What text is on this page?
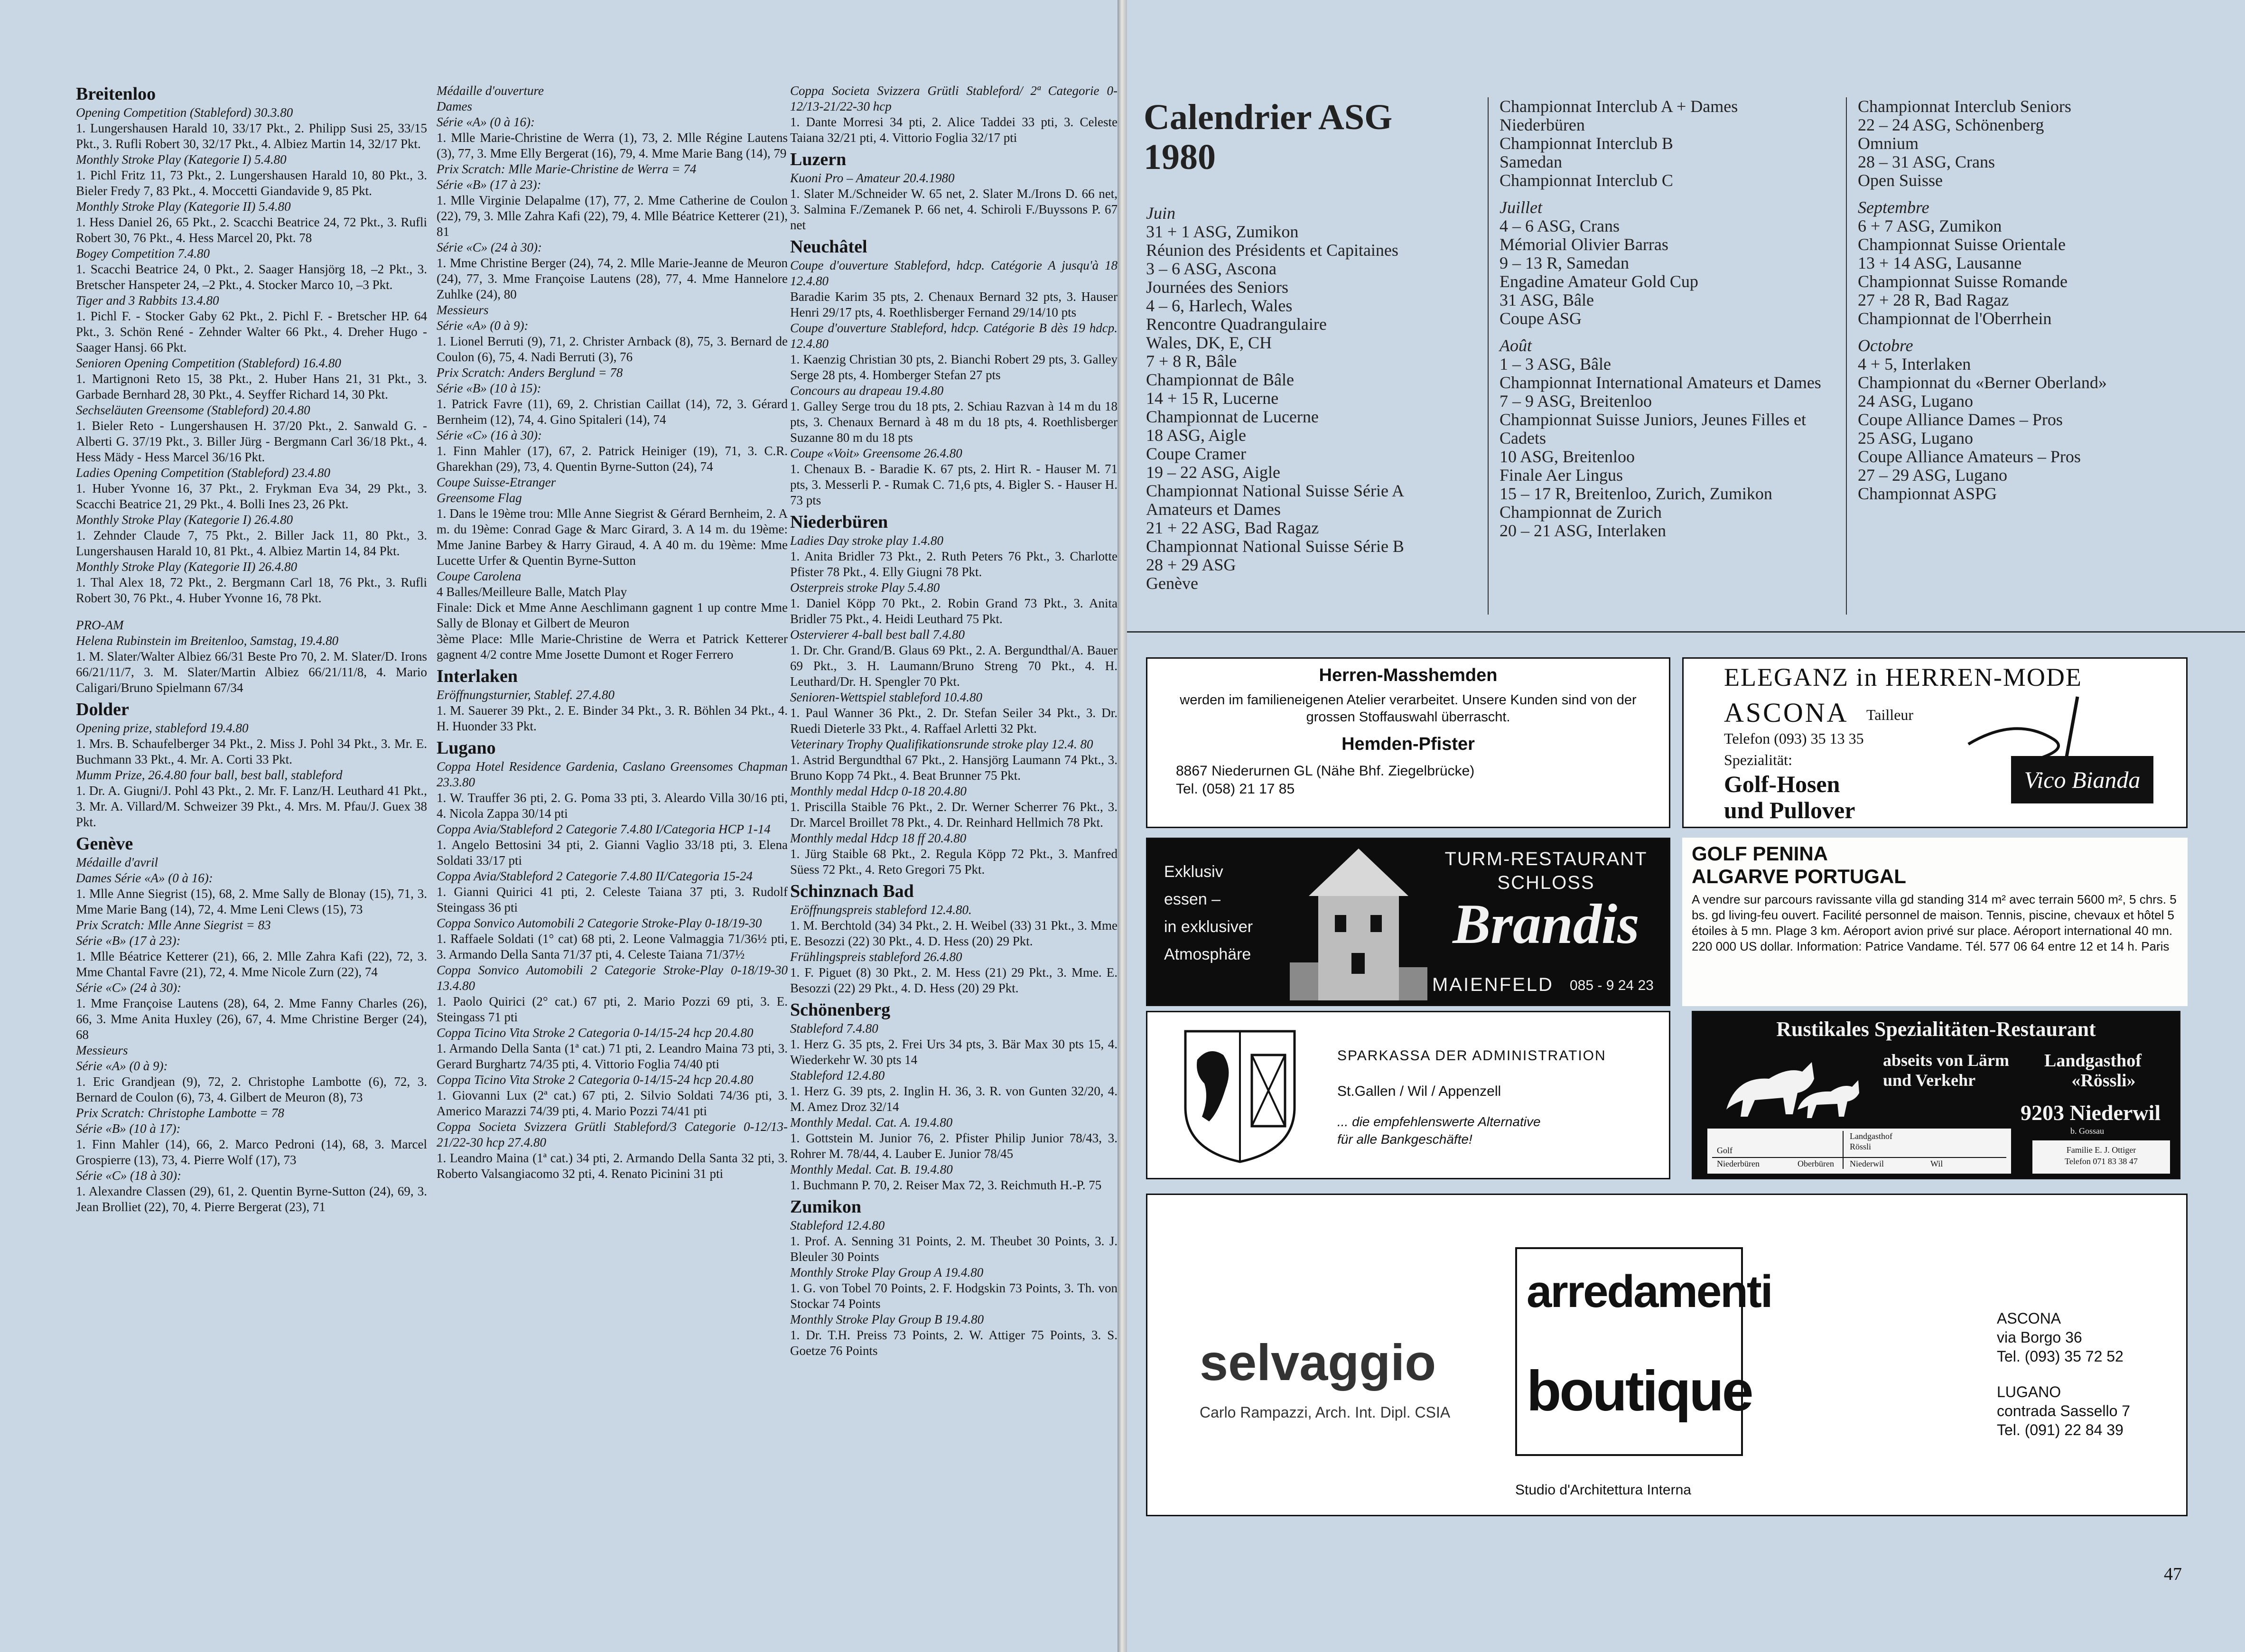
Breitenloo
Opening Competition (Stableford) 30.3.80
1. Lungershausen Harald 10, 33/17 Pkt., 2. Philipp Susi 25, 33/15 Pkt., 3. Rufli Robert 30, 32/17 Pkt., 4. Albiez Martin 14, 32/17 Pkt.
Monthly Stroke Play (Kategorie I) 5.4.80
1. Pichl Fritz 11, 73 Pkt., 2. Lungershausen Harald 10, 80 Pkt., 3. Bieler Fredy 7, 83 Pkt., 4. Moccetti Giandavide 9, 85 Pkt.
Monthly Stroke Play (Kategorie II) 5.4.80
1. Hess Daniel 26, 65 Pkt., 2. Scacchi Beatrice 24, 72 Pkt., 3. Rufli Robert 30, 76 Pkt., 4. Hess Marcel 20, Pkt. 78
Bogey Competition 7.4.80
1. Scacchi Beatrice 24, 0 Pkt., 2. Saager Hansjörg 18, –2 Pkt., 3. Bretscher Hanspeter 24, –2 Pkt., 4. Stocker Marco 10, –3 Pkt.
Tiger and 3 Rabbits 13.4.80
1. Pichl F. - Stocker Gaby 62 Pkt., 2. Pichl F. - Bretscher HP. 64 Pkt., 3. Schön René - Zehnder Walter 66 Pkt., 4. Dreher Hugo - Saager Hansj. 66 Pkt.
Senioren Opening Competition (Stableford) 16.4.80
1. Martignoni Reto 15, 38 Pkt., 2. Huber Hans 21, 31 Pkt., 3. Garbade Bernhard 28, 30 Pkt., 4. Seyffer Richard 14, 30 Pkt.
Sechseläuten Greensome (Stableford) 20.4.80
1. Bieler Reto - Lungershausen H. 37/20 Pkt., 2. Sanwald G. - Alberti G. 37/19 Pkt., 3. Biller Jürg - Bergmann Carl 36/18 Pkt., 4. Hess Mädy - Hess Marcel 36/16 Pkt.
Ladies Opening Competition (Stableford) 23.4.80
1. Huber Yvonne 16, 37 Pkt., 2. Frykman Eva 34, 29 Pkt., 3. Scacchi Beatrice 21, 29 Pkt., 4. Bolli Ines 23, 26 Pkt.
Monthly Stroke Play (Kategorie I) 26.4.80
1. Zehnder Claude 7, 75 Pkt., 2. Biller Jack 11, 80 Pkt., 3. Lungershausen Harald 10, 81 Pkt., 4. Albiez Martin 14, 84 Pkt.
Monthly Stroke Play (Kategorie II) 26.4.80
1. Thal Alex 18, 72 Pkt., 2. Bergmann Carl 18, 76 Pkt., 3. Rufli Robert 30, 76 Pkt., 4. Huber Yvonne 16, 78 Pkt.
PRO-AM
Helena Rubinstein im Breitenloo, Samstag, 19.4.80
1. M. Slater/Walter Albiez 66/31 Beste Pro 70, 2. M. Slater/D. Irons 66/21/11/7, 3. M. Slater/Martin Albiez 66/21/11/8, 4. Mario Caligari/Bruno Spielmann 67/34
Dolder
Opening prize, stableford 19.4.80
1. Mrs. B. Schaufelberger 34 Pkt., 2. Miss J. Pohl 34 Pkt., 3. Mr. E. Buchmann 33 Pkt., 4. Mr. A. Corti 33 Pkt.
Mumm Prize, 26.4.80 four ball, best ball, stableford
1. Dr. A. Giugni/J. Pohl 43 Pkt., 2. Mr. F. Lanz/H. Leuthard 41 Pkt., 3. Mr. A. Villard/M. Schweizer 39 Pkt., 4. Mrs. M. Pfau/J. Guex 38 Pkt.
Genève
Médaille d'avril
Dames Série «A» (0 à 16):
1. Mlle Anne Siegrist (15), 68, 2. Mme Sally de Blonay (15), 71, 3. Mme Marie Bang (14), 72, 4. Mme Leni Clews (15), 73
Prix Scratch: Mlle Anne Siegrist = 83
Série «B» (17 à 23):
1. Mlle Béatrice Ketterer (21), 66, 2. Mlle Zahra Kafi (22), 72, 3. Mme Chantal Favre (21), 72, 4. Mme Nicole Zurn (22), 74
Série «C» (24 à 30):
1. Mme Françoise Lautens (28), 64, 2. Mme Fanny Charles (26), 66, 3. Mme Anita Huxley (26), 67, 4. Mme Christine Berger (24), 68
Messieurs
Série «A» (0 à 9):
1. Eric Grandjean (9), 72, 2. Christophe Lambotte (6), 72, 3. Bernard de Coulon (6), 73, 4. Gilbert de Meuron (8), 73
Prix Scratch: Christophe Lambotte = 78
Série «B» (10 à 17):
1. Finn Mahler (14), 66, 2. Marco Pedroni (14), 68, 3. Marcel Grospierre (13), 73, 4. Pierre Wolf (17), 73
Série «C» (18 à 30):
1. Alexandre Classen (29), 61, 2. Quentin Byrne-Sutton (24), 69, 3. Jean Brolliet (22), 70, 4. Pierre Bergerat (23), 71
Médaille d'ouverture
Dames
Série «A» (0 à 16):
1. Mlle Marie-Christine de Werra (1), 73, 2. Mlle Régine Lautens (3), 77, 3. Mme Elly Bergerat (16), 79, 4. Mme Marie Bang (14), 79
Prix Scratch: Mlle Marie-Christine de Werra = 74
Série «B» (17 à 23):
1. Mlle Virginie Delapalme (17), 77, 2. Mme Catherine de Coulon (22), 79, 3. Mlle Zahra Kafi (22), 79, 4. Mlle Béatrice Ketterer (21), 81
Série «C» (24 à 30):
1. Mme Christine Berger (24), 74, 2. Mlle Marie-Jeanne de Meuron (24), 77, 3. Mme Françoise Lautens (28), 77, 4. Mme Hannelore Zuhlke (24), 80
Messieurs
Série «A» (0 à 9):
1. Lionel Berruti (9), 71, 2. Christer Arnback (8), 75, 3. Bernard de Coulon (6), 75, 4. Nadi Berruti (3), 76
Prix Scratch: Anders Berglund = 78
Série «B» (10 à 15):
1. Patrick Favre (11), 69, 2. Christian Caillat (14), 72, 3. Gérard Bernheim (12), 74, 4. Gino Spitaleri (14), 74
Série «C» (16 à 30):
1. Finn Mahler (17), 67, 2. Patrick Heiniger (19), 71, 3. C.R. Gharekhan (29), 73, 4. Quentin Byrne-Sutton (24), 74
Coupe Suisse-Etranger
Greensome Flag
1. Dans le 19ème trou: Mlle Anne Siegrist & Gérard Bernheim, 2. A m. du 19ème: Conrad Gage & Marc Girard, 3. A 14 m. du 19ème: Mme Janine Barbey & Harry Giraud, 4. A 40 m. du 19ème: Mme Lucette Urfer & Quentin Byrne-Sutton
Coupe Carolena
4 Balles/Meilleure Balle, Match Play
Finale: Dick et Mme Anne Aeschlimann gagnent 1 up contre Mme Sally de Blonay et Gilbert de Meuron
3ème Place: Mlle Marie-Christine de Werra et Patrick Ketterer gagnent 4/2 contre Mme Josette Dumont et Roger Ferrero
Interlaken
Eröffnungsturnier, Stablef. 27.4.80
1. M. Sauerer 39 Pkt., 2. E. Binder 34 Pkt., 3. R. Böhlen 34 Pkt., 4. H. Huonder 33 Pkt.
Lugano
Coppa Hotel Residence Gardenia, Caslano Greensomes Chapman 23.3.80
1. W. Trauffer 36 pti, 2. G. Poma 33 pti, 3. Aleardo Villa 30/16 pti, 4. Nicola Zappa 30/14 pti
Coppa Avia/Stableford 2 Categorie 7.4.80 I/Categoria HCP 1-14
1. Angelo Bettosini 34 pti, 2. Gianni Vaglio 33/18 pti, 3. Elena Soldati 33/17 pti
Coppa Avia/Stableford 2 Categorie 7.4.80 II/Categoria 15-24
1. Gianni Quirici 41 pti, 2. Celeste Taiana 37 pti, 3. Rudolf Steingass 36 pti
Coppa Sonvico Automobili 2 Categorie Stroke-Play 0-18/19-30
1. Raffaele Soldati (1° cat) 68 pti, 2. Leone Valmaggia 71/36½ pti, 3. Armando Della Santa 71/37 pti, 4. Celeste Taiana 71/37½
Coppa Sonvico Automobili 2 Categorie Stroke-Play 0-18/19-30 13.4.80
1. Paolo Quirici (2° cat.) 67 pti, 2. Mario Pozzi 69 pti, 3. E. Steingass 71 pti
Coppa Ticino Vita Stroke 2 Categoria 0-14/15-24 hcp 20.4.80
1. Armando Della Santa (1ª cat.) 71 pti, 2. Leandro Maina 73 pti, 3. Gerard Burghartz 74/35 pti, 4. Vittorio Foglia 74/40 pti
Coppa Ticino Vita Stroke 2 Categoria 0-14/15-24 hcp 20.4.80
1. Giovanni Lux (2ª cat.) 67 pti, 2. Silvio Soldati 74/36 pti, 3. Americo Marazzi 74/39 pti, 4. Mario Pozzi 74/41 pti
Coppa Societa Svizzera Grütli Stableford/3 Categorie 0-12/13-21/22-30 hcp 27.4.80
1. Leandro Maina (1ª cat.) 34 pti, 2. Armando Della Santa 32 pti, 3. Roberto Valsangiacomo 32 pti, 4. Renato Picinini 31 pti
Coppa Societa Svizzera Grütli Stableford/ 2ª Categorie 0-12/13-21/22-30 hcp
1. Dante Morresi 34 pti, 2. Alice Taddei 33 pti, 3. Celeste Taiana 32/21 pti, 4. Vittorio Foglia 32/17 pti
Luzern
Kuoni Pro – Amateur 20.4.1980
1. Slater M./Schneider W. 65 net, 2. Slater M./Irons D. 66 net, 3. Salmina F./Zemanek P. 66 net, 4. Schiroli F./Buyssons P. 67 net
Neuchâtel
Coupe d'ouverture Stableford, hdcp. Catégorie A jusqu'à 18 12.4.80
Baradie Karim 35 pts, 2. Chenaux Bernard 32 pts, 3. Hauser Henri 29/17 pts, 4. Roethlisberger Fernand 29/14/10 pts
Coupe d'ouverture Stableford, hdcp. Catégorie B dès 19 hdcp. 12.4.80
1. Kaenzig Christian 30 pts, 2. Bianchi Robert 29 pts, 3. Galley Serge 28 pts, 4. Homberger Stefan 27 pts
Concours au drapeau 19.4.80
1. Galley Serge trou du 18 pts, 2. Schiau Razvan à 14 m du 18 pts, 3. Chenaux Bernard à 48 m du 18 pts, 4. Roethlisberger Suzanne 80 m du 18 pts
Coupe «Voit» Greensome 26.4.80
1. Chenaux B. - Baradie K. 67 pts, 2. Hirt R. - Hauser M. 71 pts, 3. Messerli P. - Rumak C. 71,6 pts, 4. Bigler S. - Hauser H. 73 pts
Niederbüren
Ladies Day stroke play 1.4.80
1. Anita Bridler 73 Pkt., 2. Ruth Peters 76 Pkt., 3. Charlotte Pfister 78 Pkt., 4. Elly Giugni 78 Pkt.
Osterpreis stroke Play 5.4.80
1. Daniel Köpp 70 Pkt., 2. Robin Grand 73 Pkt., 3. Anita Bridler 75 Pkt., 4. Heidi Leuthard 75 Pkt.
Ostervierer 4-ball best ball 7.4.80
1. Dr. Chr. Grand/B. Glaus 69 Pkt., 2. A. Bergundthal/A. Bauer 69 Pkt., 3. H. Laumann/Bruno Streng 70 Pkt., 4. H. Leuthard/Dr. H. Spengler 70 Pkt.
Senioren-Wettspiel stableford 10.4.80
1. Paul Wanner 36 Pkt., 2. Dr. Stefan Seiler 34 Pkt., 3. Dr. Ruedi Dieterle 33 Pkt., 4. Raffael Arletti 32 Pkt.
Veterinary Trophy Qualifikationsrunde stroke play 12.4. 80
1. Astrid Bergundthal 67 Pkt., 2. Hansjörg Laumann 74 Pkt., 3. Bruno Kopp 74 Pkt., 4. Beat Brunner 75 Pkt.
Monthly medal Hdcp 0-18 20.4.80
1. Priscilla Staible 76 Pkt., 2. Dr. Werner Scherrer 76 Pkt., 3. Dr. Marcel Broillet 78 Pkt., 4. Dr. Reinhard Hellmich 78 Pkt.
Monthly medal Hdcp 18 ff 20.4.80
1. Jürg Staible 68 Pkt., 2. Regula Köpp 72 Pkt., 3. Manfred Süess 72 Pkt., 4. Reto Gregori 75 Pkt.
Schinznach Bad
Eröffnungspreis stableford 12.4.80.
1. M. Berchtold (34) 34 Pkt., 2. H. Weibel (33) 31 Pkt., 3. Mme E. Besozzi (22) 30 Pkt., 4. D. Hess (20) 29 Pkt.
Frühlingspreis stableford 26.4.80
1. F. Piguet (8) 30 Pkt., 2. M. Hess (21) 29 Pkt., 3. Mme. E. Besozzi (22) 29 Pkt., 4. D. Hess (20) 29 Pkt.
Schönenberg
Stableford 7.4.80
1. Herz G. 35 pts, 2. Frei Urs 34 pts, 3. Bär Max 30 pts 15, 4. Wiederkehr W. 30 pts 14
Stableford 12.4.80
1. Herz G. 39 pts, 2. Inglin H. 36, 3. R. von Gunten 32/20, 4. M. Amez Droz 32/14
Monthly Medal. Cat. A. 19.4.80
1. Gottstein M. Junior 76, 2. Pfister Philip Junior 78/43, 3. Rohrer M. 78/44, 4. Lauber E. Junior 78/45
Monthly Medal. Cat. B. 19.4.80
1. Buchmann P. 70, 2. Reiser Max 72, 3. Reichmuth H.-P. 75
Zumikon
Stableford 12.4.80
1. Prof. A. Senning 31 Points, 2. M. Theubet 30 Points, 3. J. Bleuler 30 Points
Monthly Stroke Play Group A 19.4.80
1. G. von Tobel 70 Points, 2. F. Hodgskin 73 Points, 3. Th. von Stockar 74 Points
Monthly Stroke Play Group B 19.4.80
1. Dr. T.H. Preiss 73 Points, 2. W. Attiger 75 Points, 3. S. Goetze 76 Points
Calendrier ASG
1980
Juin
31 + 1 ASG, Zumikon
Réunion des Présidents et Capitaines
3 – 6 ASG, Ascona
Journées des Seniors
4 – 6, Harlech, Wales
Rencontre Quadrangulaire
Wales, DK, E, CH
7 + 8 R, Bâle
Championnat de Bâle
14 + 15 R, Lucerne
Championnat de Lucerne
18 ASG, Aigle
Coupe Cramer
19 – 22 ASG, Aigle
Championnat National Suisse Série A Amateurs et Dames
21 + 22 ASG, Bad Ragaz
Championnat National Suisse Série B
28 + 29 ASG
Genève
Championnat Interclub A + Dames
Niederbüren
Championnat Interclub B
Samedan
Championnat Interclub C
Juillet
4 – 6 ASG, Crans
Mémorial Olivier Barras
9 – 13 R, Samedan
Engadine Amateur Gold Cup
31 ASG, Bâle
Coupe ASG
Août
1 – 3 ASG, Bâle
Championnat International Amateurs et Dames
7 – 9 ASG, Breitenloo
Championnat Suisse Juniors, Jeunes Filles et Cadets
10 ASG, Breitenloo
Finale Aer Lingus
15 – 17 R, Breitenloo, Zurich, Zumikon
Championnat de Zurich
20 – 21 ASG, Interlaken
Championnat Interclub Seniors
22 – 24 ASG, Schönenberg
Omnium
28 – 31 ASG, Crans
Open Suisse
Septembre
6 + 7 ASG, Zumikon
Championnat Suisse Orientale
13 + 14 ASG, Lausanne
Championnat Suisse Romande
27 + 28 R, Bad Ragaz
Championnat de l'Oberrhein
Octobre
4 + 5, Interlaken
Championnat du «Berner Oberland»
24 ASG, Lugano
Coupe Alliance Dames – Pros
25 ASG, Lugano
Coupe Alliance Amateurs – Pros
27 – 29 ASG, Lugano
Championnat ASPG
Herren-Masshemden
werden im familieneigenen Atelier verarbeitet. Unsere Kunden sind von der grossen Stoffauswahl überrascht.
Hemden-Pfister
8867 Niederurnen GL (Nähe Bhf. Ziegelbrücke)
Tel. (058) 21 17 85
ELEGANZ in HERREN-MODE
ASCONA Tailleur
Telefon (093) 35 13 35
Spezialität:
Golf-Hosen
und Pullover
Vico Bianda
Exklusiv
essen –
in exklusiver
Atmosphäre
TURM-RESTAURANT
SCHLOSS
Brandis
MAIENFELD 085 - 9 24 23
GOLF PENINA
ALGARVE PORTUGAL
A vendre sur parcours ravissante villa gd standing 314 m² avec terrain 5600 m², 5 chrs. 5 bs. gd living-feu ouvert. Facilité personnel de maison. Tennis, piscine, chevaux et hôtel 5 étoiles à 5 mn. Plage 3 km. Aéroport avion privé sur place. Aéroport international 40 mn. 220 000 US dollar. Information: Patrice Vandame. Tél. 577 06 64 entre 12 et 14 h. Paris
SPARKASSA DER ADMINISTRATION
St.Gallen / Wil / Appenzell
... die empfehlenswerte Alternative
für alle Bankgeschäfte!
Rustikales Spezialitäten-Restaurant
abseits von Lärm
und Verkehr
Landgasthof
«Rössli»
9203 Niederwil
b. Gossau
Familie E. J. Ottiger
Telefon 071 83 38 47
Landgasthof
Rössli
Golf
Niederbüren	Oberbüren Niederwil	Wil
selvaggio
Carlo Rampazzi, Arch. Int. Dipl. CSIA
arredamenti
boutique
Studio d'Architettura Interna
ASCONA
via Borgo 36
Tel. (093) 35 72 52
LUGANO
contrada Sassello 7
Tel. (091) 22 84 39
47
